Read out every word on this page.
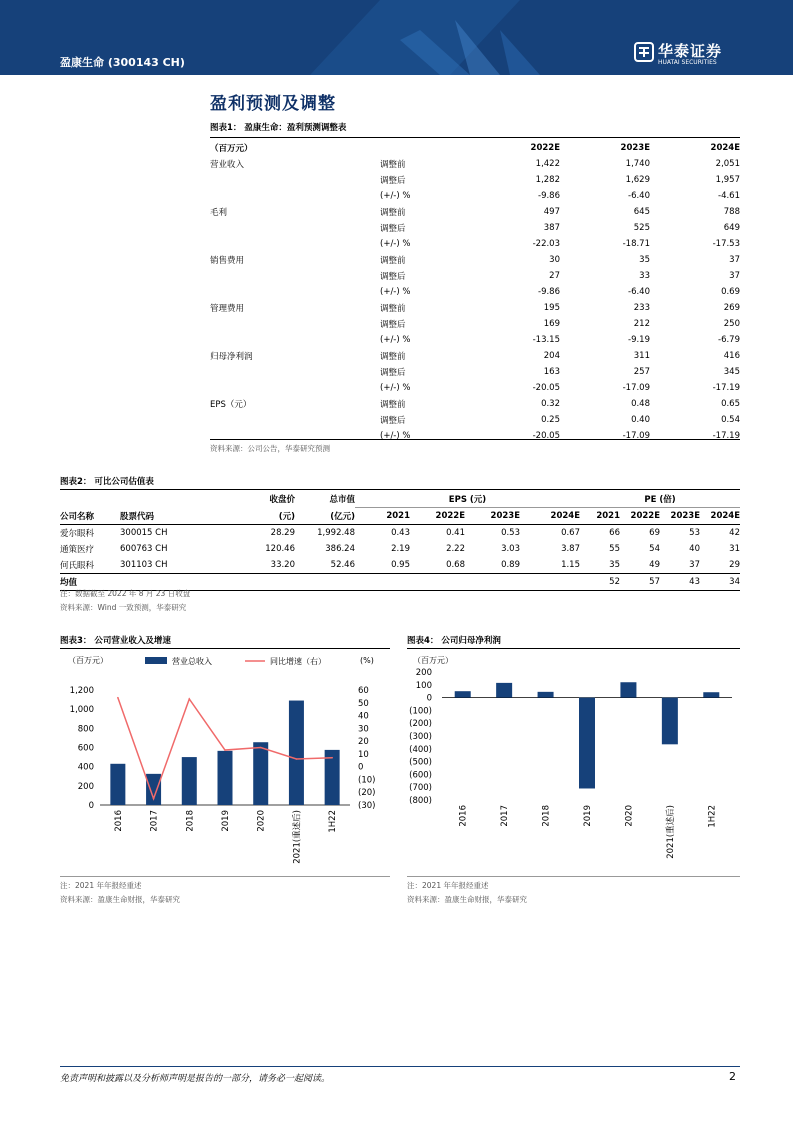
盈康生命 (300143 CH)
华泰证券
HUATAI SECURITIES
盈利预测及调整
图表1： 盈康生命：盈利预测调整表
（百万元）		2022E	2023E	2024E
营业收入	调整前	1,422	1,740	2,051
	调整后	1,282	1,629	1,957
	(+/-) %	-9.86	-6.40	-4.61
毛利	调整前	497	645	788
	调整后	387	525	649
	(+/-) %	-22.03	-18.71	-17.53
销售费用	调整前	30	35	37
	调整后	27	33	37
	(+/-) %	-9.86	-6.40	0.69
管理费用	调整前	195	233	269
	调整后	169	212	250
	(+/-) %	-13.15	-9.19	-6.79
归母净利润	调整前	204	311	416
	调整后	163	257	345
	(+/-) %	-20.05	-17.09	-17.19
EPS（元）	调整前	0.32	0.48	0.65
	调整后	0.25	0.40	0.54
	(+/-) %	-20.05	-17.09	-17.19
资料来源：公司公告，华泰研究预测
图表2： 可比公司估值表
		收盘价	总市值	EPS (元)				PE (倍)			
公司名称	股票代码	(元)	(亿元)	2021	2022E	2023E	2024E	2021	2022E	2023E	2024E
爱尔眼科	300015 CH	28.29	1,992.48	0.43	0.41	0.53	0.67	66	69	53	42
通策医疗	600763 CH	120.46	386.24	2.19	2.22	3.03	3.87	55	54	40	31
何氏眼科	301103 CH	33.20	52.46	0.95	0.68	0.89	1.15	35	49	37	29
均值								52	57	43	34
注：数据截至 2022 年 8 月 23 日收盘
资料来源：Wind 一致预测，华泰研究
图表3： 公司营业收入及增速
（百万元）	(%)
营业总收入	同比增速（右）
0
200
400
600
800
1,000
1,200
(30)
(20)
(10)
0
10
20
30
40
50
60
2016	2017	2018	2019	2020	2021(重述后)	1H22
注：2021 年年报经重述
资料来源：盈康生命财报，华泰研究
图表4： 公司归母净利润
（百万元）
(800)
(700)
(600)
(500)
(400)
(300)
(200)
(100)
0
100
200
2016	2017	2018	2019	2020	2021(重述后)	1H22
注：2021 年年报经重述
资料来源：盈康生命财报，华泰研究
免责声明和披露以及分析师声明是报告的一部分，请务必一起阅读。	2
